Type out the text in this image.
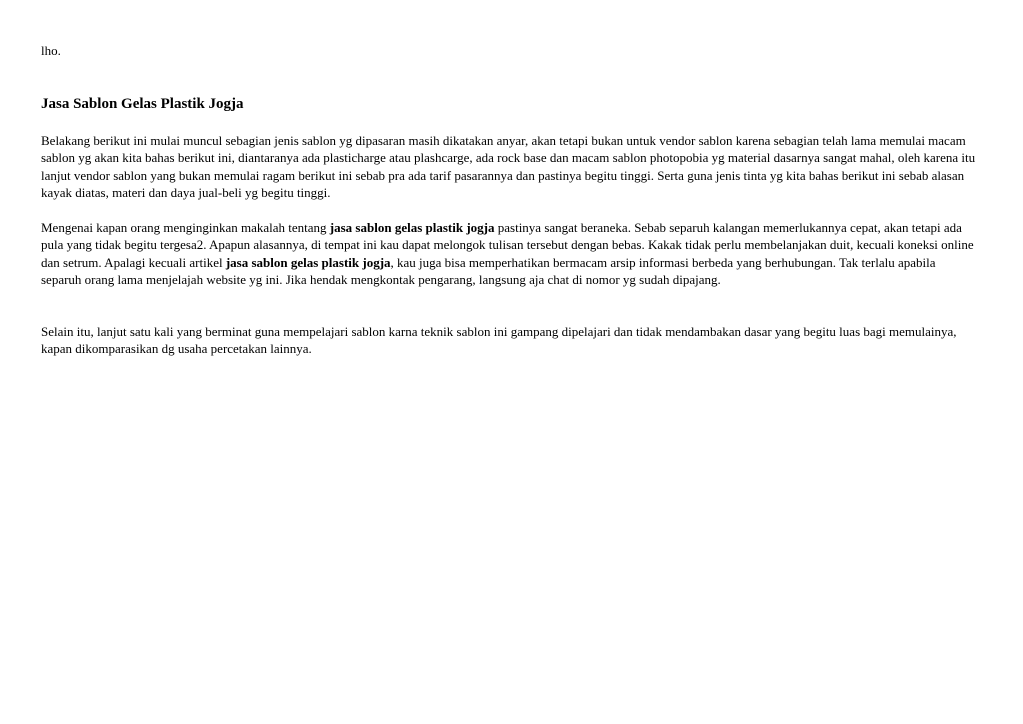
lho.

Jasa Sablon Gelas Plastik Jogja

Belakang berikut ini mulai muncul sebagian jenis sablon yg dipasaran masih dikatakan anyar, akan tetapi bukan untuk vendor sablon karena sebagian telah lama memulai macam sablon yg akan kita bahas berikut ini, diantaranya ada plasticharge atau plashcarge, ada rock base dan macam sablon photopobia yg material dasarnya sangat mahal, oleh karena itu lanjut vendor sablon yang bukan memulai ragam berikut ini sebab pra ada tarif pasarannya dan pastinya begitu tinggi. Serta guna jenis tinta yg kita bahas berikut ini sebab alasan kayak diatas, materi dan daya jual-beli yg begitu tinggi.

Mengenai kapan orang menginginkan makalah tentang jasa sablon gelas plastik jogja pastinya sangat beraneka. Sebab separuh kalangan memerlukannya cepat, akan tetapi ada pula yang tidak begitu tergesa2. Apapun alasannya, di tempat ini kau dapat melongok tulisan tersebut dengan bebas. Kakak tidak perlu membelanjakan duit, kecuali koneksi online dan setrum. Apalagi kecuali artikel jasa sablon gelas plastik jogja, kau juga bisa memperhatikan bermacam arsip informasi berbeda yang berhubungan. Tak terlalu apabila separuh orang lama menjelajah website yg ini. Jika hendak mengkontak pengarang, langsung aja chat di nomor yg sudah dipajang.

Selain itu, lanjut satu kali yang berminat guna mempelajari sablon karna teknik sablon ini gampang dipelajari dan tidak mendambakan dasar yang begitu luas bagi memulainya, kapan dikomparasikan dg usaha percetakan lainnya.
